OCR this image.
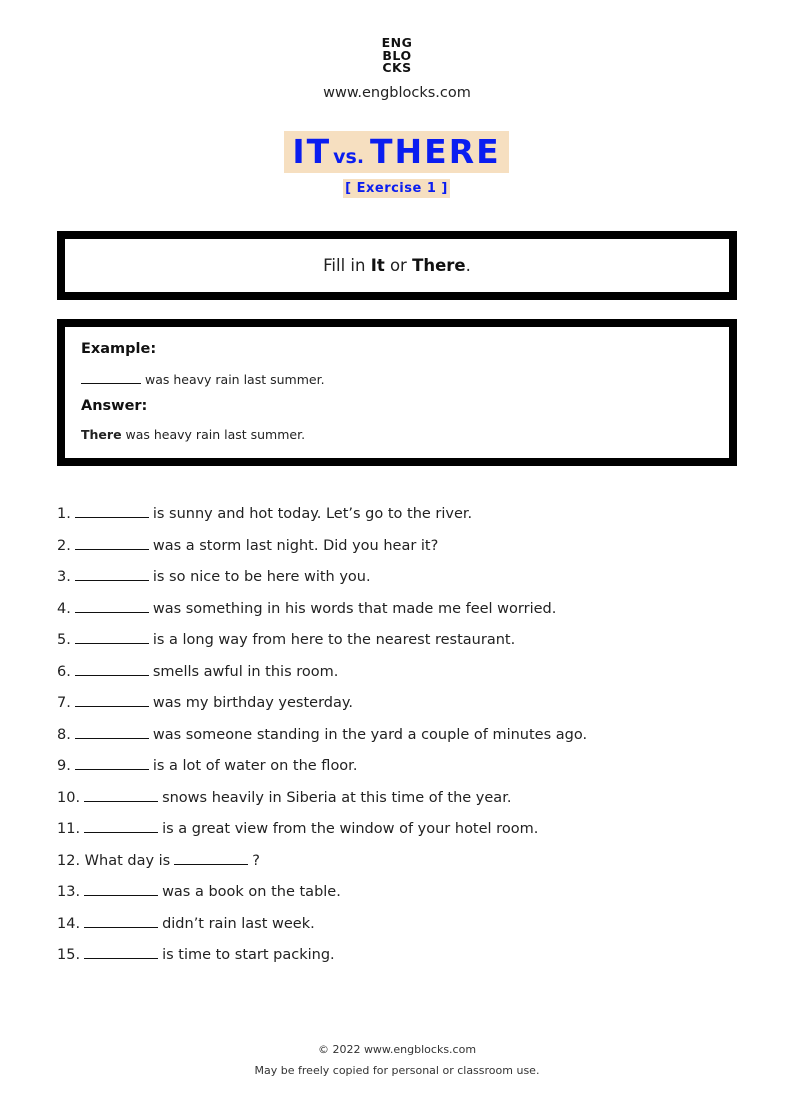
ENG
BLO
CKS
www.engblocks.com
IT vs. THERE
[ Exercise 1 ]
Fill in It or There.
Example:
was heavy rain last summer.
Answer:
There was heavy rain last summer.
1.	is sunny and hot today. Let’s go to the river.
2.	was a storm last night. Did you hear it?
3.	is so nice to be here with you.
4.	was something in his words that made me feel worried.
5.	is a long way from here to the nearest restaurant.
6.	smells awful in this room.
7.	was my birthday yesterday.
8.	was someone standing in the yard a couple of minutes ago.
9.	is a lot of water on the floor.
10.	snows heavily in Siberia at this time of the year.
11.	is a great view from the window of your hotel room.
12. What day is	?
13.	was a book on the table.
14.	didn’t rain last week.
15.	is time to start packing.
© 2022 www.engblocks.com
May be freely copied for personal or classroom use.
